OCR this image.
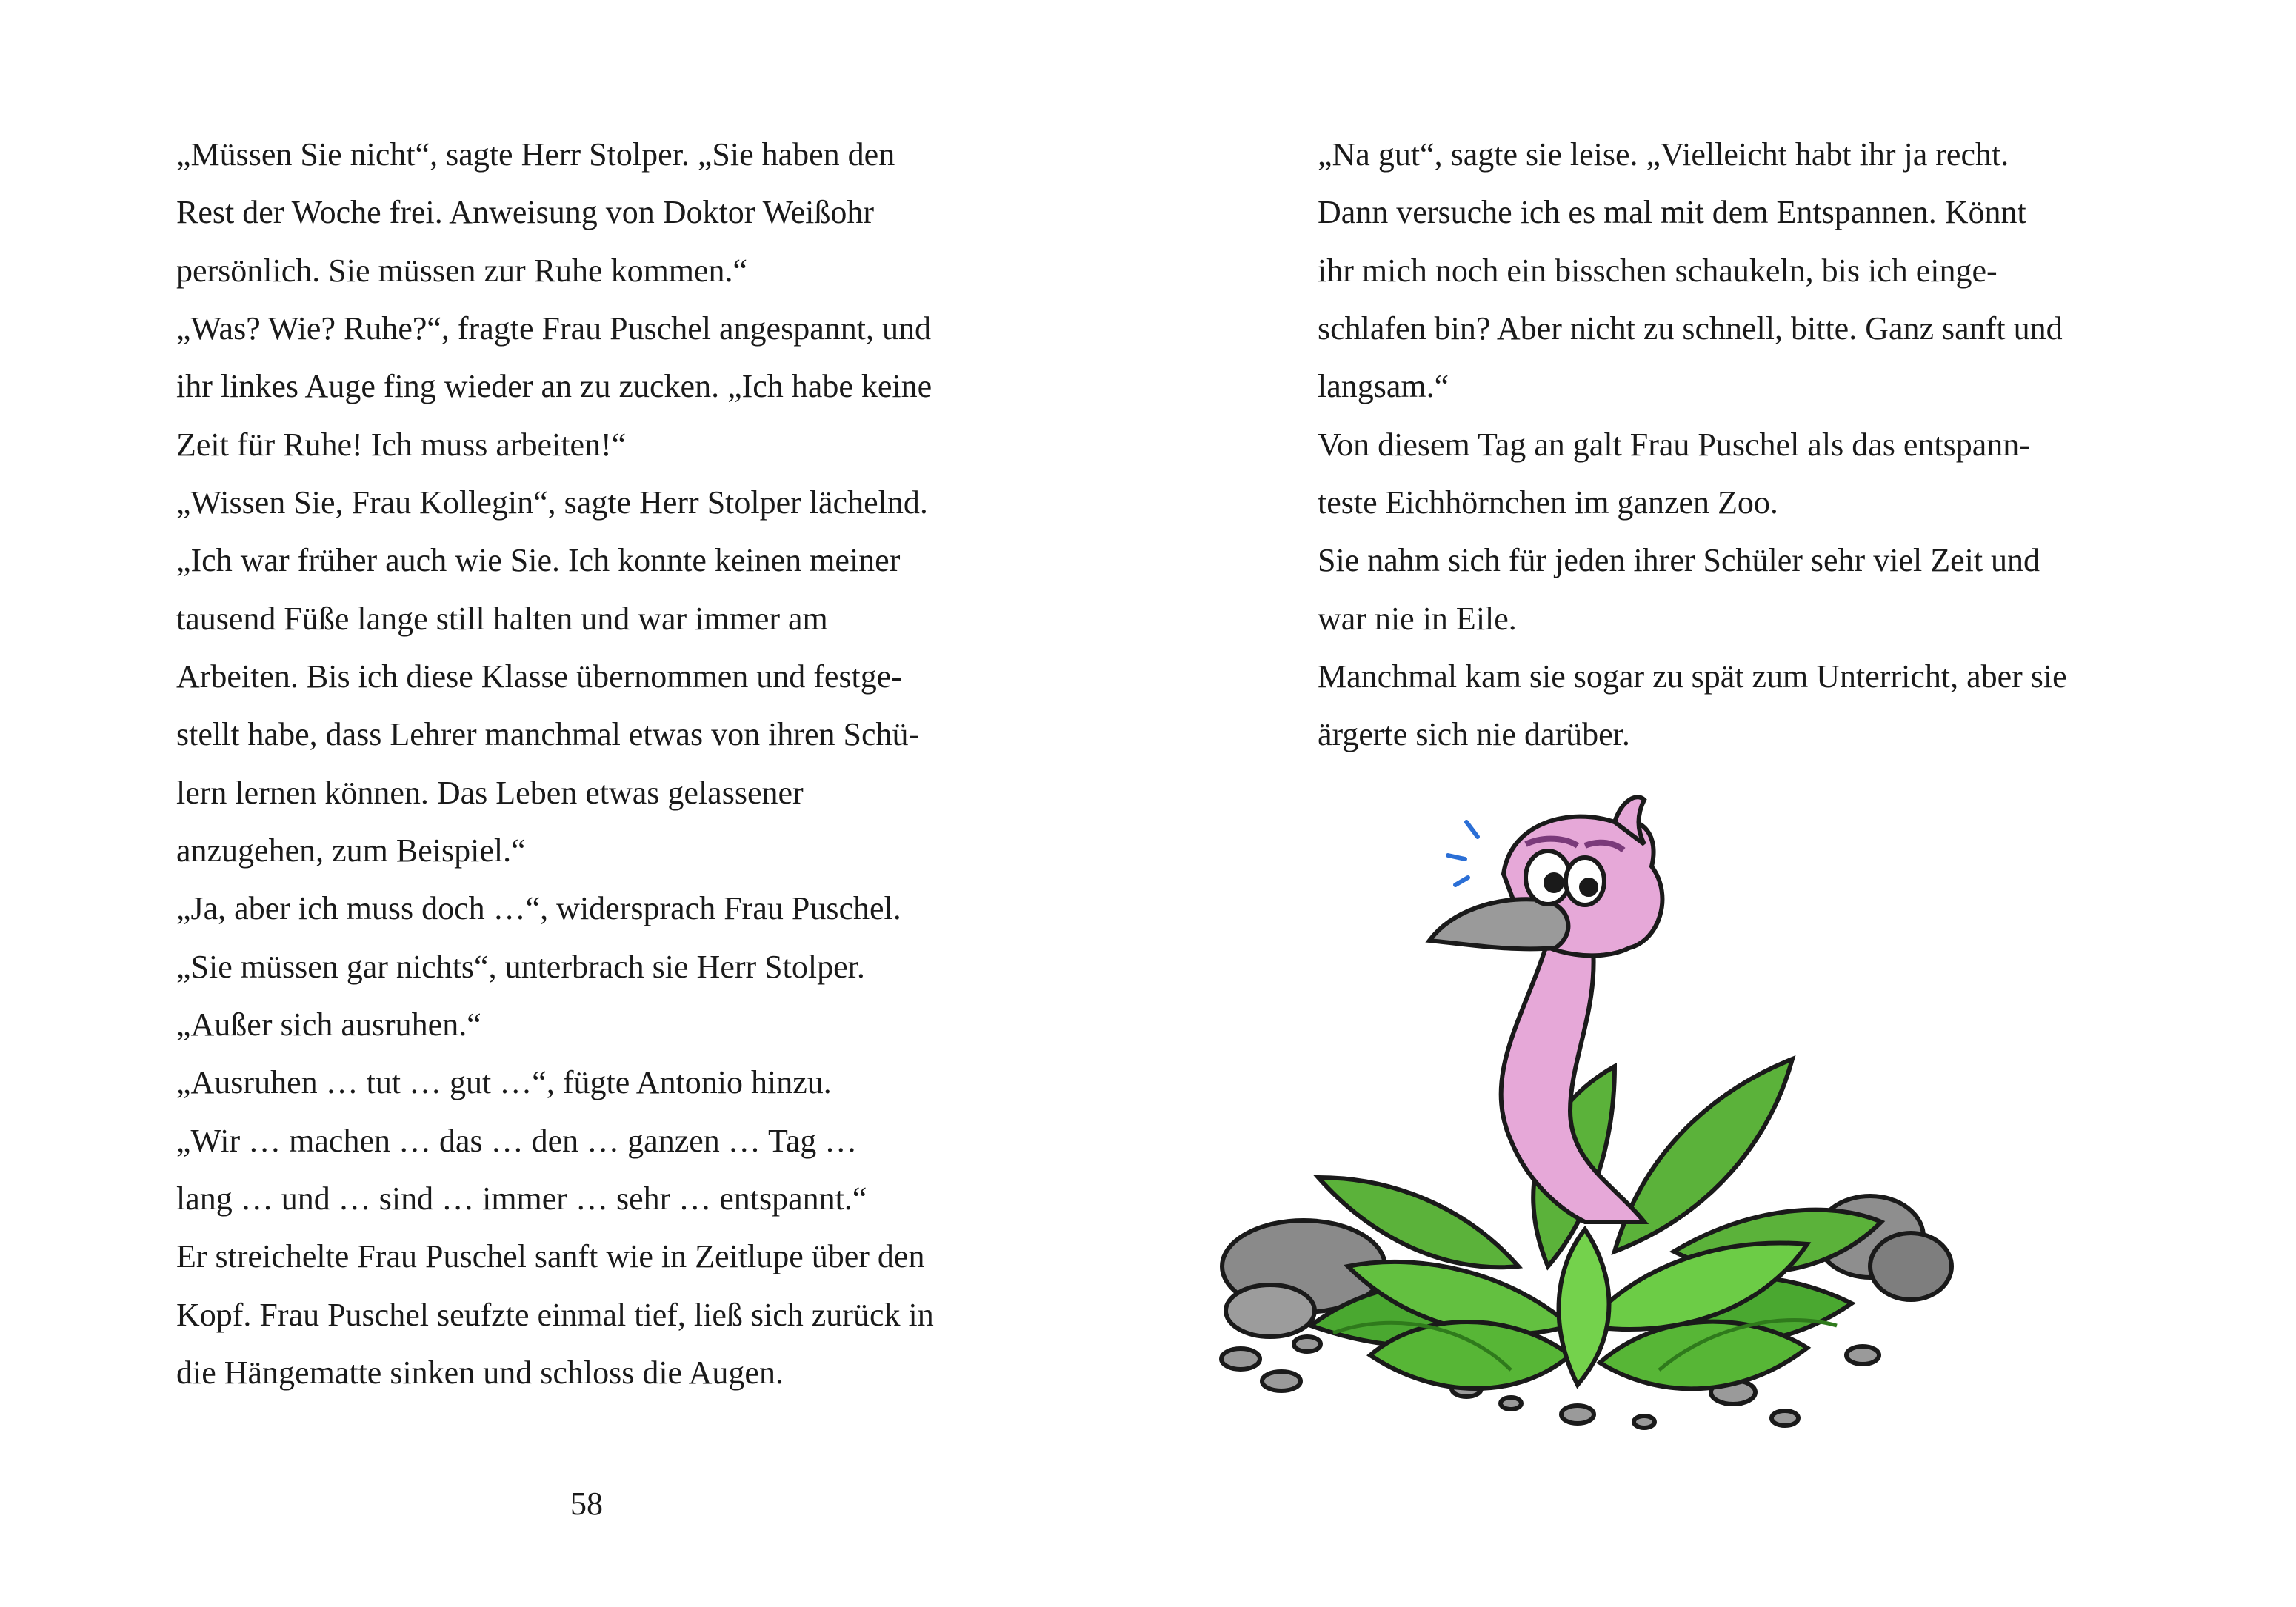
„Müssen Sie nicht“, sagte Herr Stolper. „Sie haben den
Rest der Woche frei. Anweisung von Doktor Weißohr
persönlich. Sie müssen zur Ruhe kommen.“
„Was? Wie? Ruhe?“, fragte Frau Puschel angespannt, und
ihr linkes Auge fing wieder an zu zucken. „Ich habe keine
Zeit für Ruhe! Ich muss arbeiten!“
„Wissen Sie, Frau Kollegin“, sagte Herr Stolper lächelnd.
„Ich war früher auch wie Sie. Ich konnte keinen meiner
tausend Füße lange still halten und war immer am
Arbeiten. Bis ich diese Klasse übernommen und festge-
stellt habe, dass Lehrer manchmal etwas von ihren Schü-
lern lernen können. Das Leben etwas gelassener
anzugehen, zum Beispiel.“
„Ja, aber ich muss doch …“, widersprach Frau Puschel.
„Sie müssen gar nichts“, unterbrach sie Herr Stolper.
„Außer sich ausruhen.“
„Ausruhen … tut … gut …“, fügte Antonio hinzu.
„Wir … machen … das … den … ganzen … Tag …
lang … und … sind … immer … sehr … entspannt.“
Er streichelte Frau Puschel sanft wie in Zeitlupe über den
Kopf. Frau Puschel seufzte einmal tief, ließ sich zurück in
die Hängematte sinken und schloss die Augen.
58
„Na gut“, sagte sie leise. „Vielleicht habt ihr ja recht.
Dann versuche ich es mal mit dem Entspannen. Könnt
ihr mich noch ein bisschen schaukeln, bis ich einge-
schlafen bin? Aber nicht zu schnell, bitte. Ganz sanft und
langsam.“
Von diesem Tag an galt Frau Puschel als das entspann-
teste Eichhörnchen im ganzen Zoo.
Sie nahm sich für jeden ihrer Schüler sehr viel Zeit und
war nie in Eile.
Manchmal kam sie sogar zu spät zum Unterricht, aber sie
ärgerte sich nie darüber.
